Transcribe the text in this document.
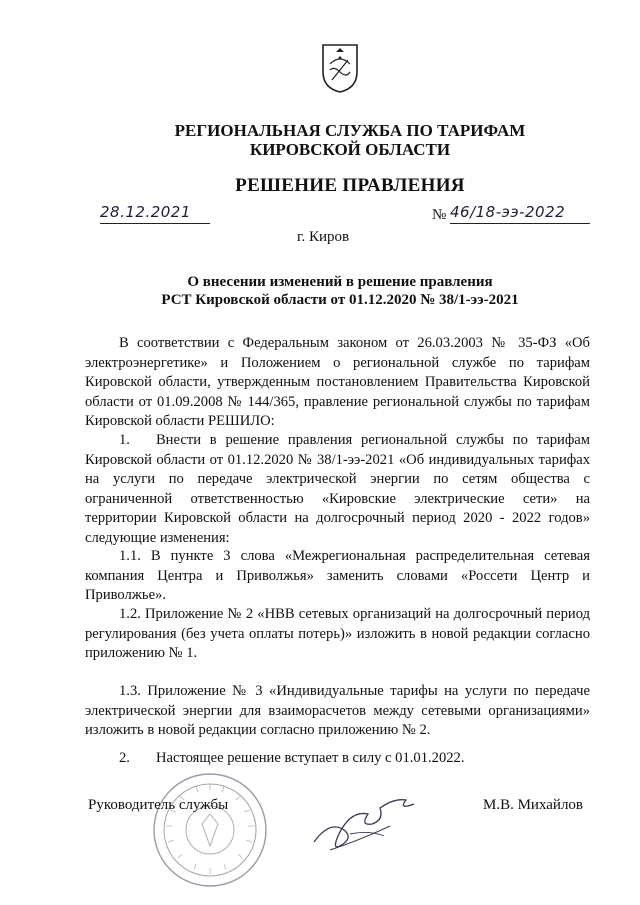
РЕГИОНАЛЬНАЯ СЛУЖБА ПО ТАРИФАМ
КИРОВСКОЙ ОБЛАСТИ
РЕШЕНИЕ ПРАВЛЕНИЯ
28.12.2021	№ 46/18-ээ-2022
г. Киров
О внесении изменений в решение правления
РСТ Кировской области от 01.12.2020 № 38/1-ээ-2021
В соответствии с Федеральным законом от 26.03.2003 № 35-ФЗ «Об электроэнергетике» и Положением о региональной службе по тарифам Кировской области, утвержденным постановлением Правительства Кировской области от 01.09.2008 № 144/365, правление региональной службы по тарифам Кировской области РЕШИЛО:
1. Внести в решение правления региональной службы по тарифам Кировской области от 01.12.2020 № 38/1-ээ-2021 «Об индивидуальных тарифах на услуги по передаче электрической энергии по сетям общества с ограниченной ответственностью «Кировские электрические сети» на территории Кировской области на долгосрочный период 2020 - 2022 годов» следующие изменения:
1.1. В пункте 3 слова «Межрегиональная распределительная сетевая компания Центра и Приволжья» заменить словами «Россети Центр и Приволжье».
1.2. Приложение № 2 «НВВ сетевых организаций на долгосрочный период регулирования (без учета оплаты потерь)» изложить в новой редакции согласно приложению № 1.
1.3. Приложение № 3 «Индивидуальные тарифы на услуги по передаче электрической энергии для взаиморасчетов между сетевыми организациями» изложить в новой редакции согласно приложению № 2.
2. Настоящее решение вступает в силу с 01.01.2022.
Руководитель службы	М.В. Михайлов
